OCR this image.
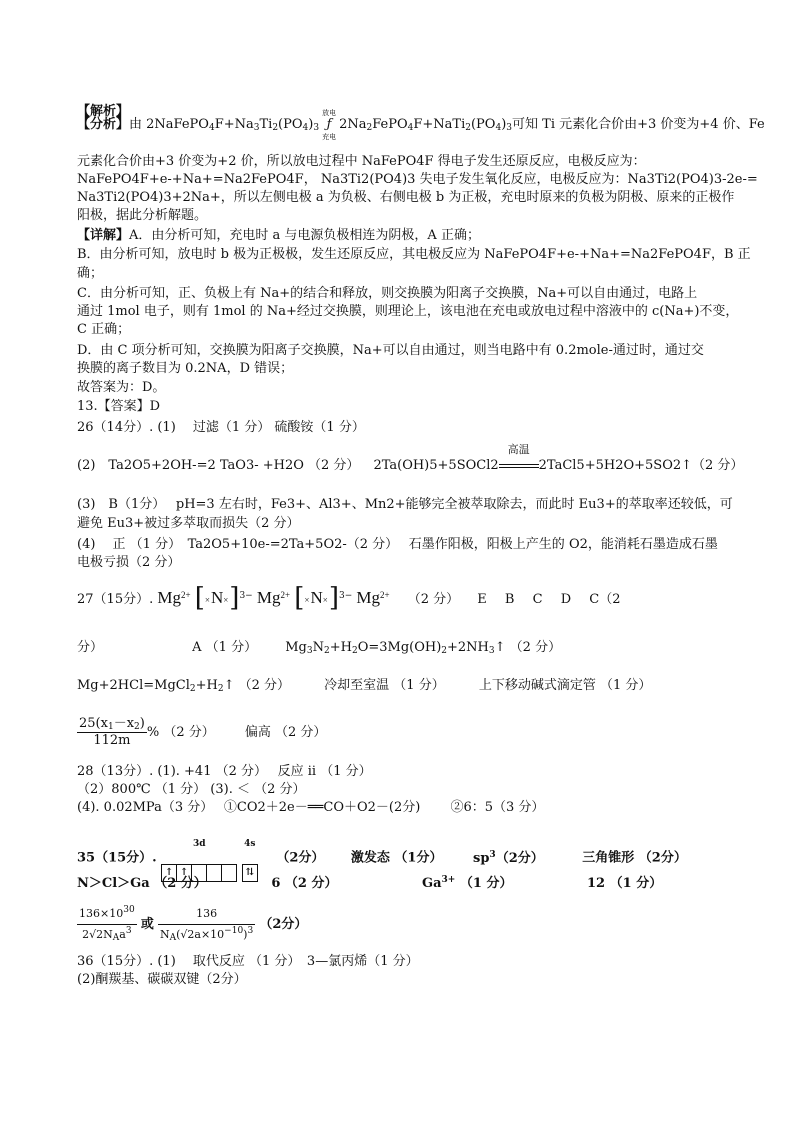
【解析】
【分析】由 $2NaFePO_4F+Na_3Ti_2(PO_4)_3$
放电
ƒ
充电
$2Na_2FePO_4F+NaTi_2(PO_4)_3$可知 Ti 元素化合价由+3 价变为+4 价、Fe
元素化合价由+3 价变为+2 价，所以放电过程中 NaFePO4F 得电子发生还原反应，电极反应为：
NaFePO4F+e-+Na+=Na2FePO4F， Na3Ti2(PO4)3 失电子发生氧化反应，电极反应为：Na3Ti2(PO4)3-2e-=
Na3Ti2(PO4)3+2Na+，所以左侧电极 a 为负极、右侧电极 b 为正极，充电时原来的负极为阴极、原来的正极作
阳极，据此分析解题。
【详解】A．由分析可知，充电时 a 与电源负极相连为阴极，A 正确；
B．由分析可知，放电时 b 极为正极极，发生还原反应，其电极反应为 NaFePO4F+e-+Na+=Na2FePO4F，B 正
确；
C．由分析可知，正、负极上有 Na+的结合和释放，则交换膜为阳离子交换膜，Na+可以自由通过，电路上
通过 1mol 电子，则有 1mol 的 Na+经过交换膜，则理论上，该电池在充电或放电过程中溶液中的 c(Na+)不变，
C 正确；
D．由 C 项分析可知，交换膜为阳离子交换膜，Na+可以自由通过，则当电路中有 0.2mole-通过时，通过交
换膜的离子数目为 0.2NA，D 错误；
故答案为：D。
13.【答案】D
26（14分）. (1)　 过滤（1 分） 硫酸铵（1 分）
(2)　Ta2O5+2OH-=2 TaO3- +H2O （2 分） 2Ta(OH)5+5SOCl2
高温
2TaCl5+5H2O+5SO2↑（2 分）
(3)　B（1分）　 pH=3 左右时，Fe3+、Al3+、Mn2+能够完全被萃取除去，而此时 Eu3+的萃取率还较低，可
避免 Eu3+被过多萃取而损失（2 分）
(4)　 正 （1 分）　Ta2O5+10e-=2Ta+5O2-（2 分）　 石墨作阳极，阳极上产生的 O2，能消耗石墨造成石墨
电极亏损（2 分）
27（15分）. $Mg^{2+}$ $[\times N\times]^{3-}$ $Mg^{2+}$ $[\times N\times]^{3-}$ $Mg^{2+}$ （2 分） E B C D C（2
分）	A （1 分） $Mg_3N_2+H_2O=3Mg(OH)_2+2NH_3↑$ （2 分）
$Mg+2HCl=MgCl_2+H_2↑$ （2 分）	冷却至室温 （1 分）	上下移动碱式滴定管 （1 分）
$\frac{25(x_1-x_2)}{112m}$ % （2 分） 偏高 （2 分）
28（13分）. (1). +41 （2 分）　 反应 ii （1 分）
（2）800℃ （1 分） (3). ＜ （2 分）
(4). 0.02MPa（3 分）　 ①CO2＋2e－══CO＋O2－(2分)　　 ②6：5（3 分）
35（15分）.
3d
↑ ↑

4s
⇅
（2分） 激发态 （1分） $sp^3(2$分）	三角锥形 （2分）
N＞Cl＞Ga （2 分）	6 （2 分）	$Ga^{3+}$ （1 分）	12 （1 分）
$\frac{136\times 10^{30}}{2√2N_Aa^3}$ 或 $\frac{136}{N_A(√2a\times 10^{-10})^3} (2$分）
36（15分）. (1)　 取代反应 （1 分）　3—氯丙烯（1 分）
(2)酮羰基、碳碳双键（2分）
